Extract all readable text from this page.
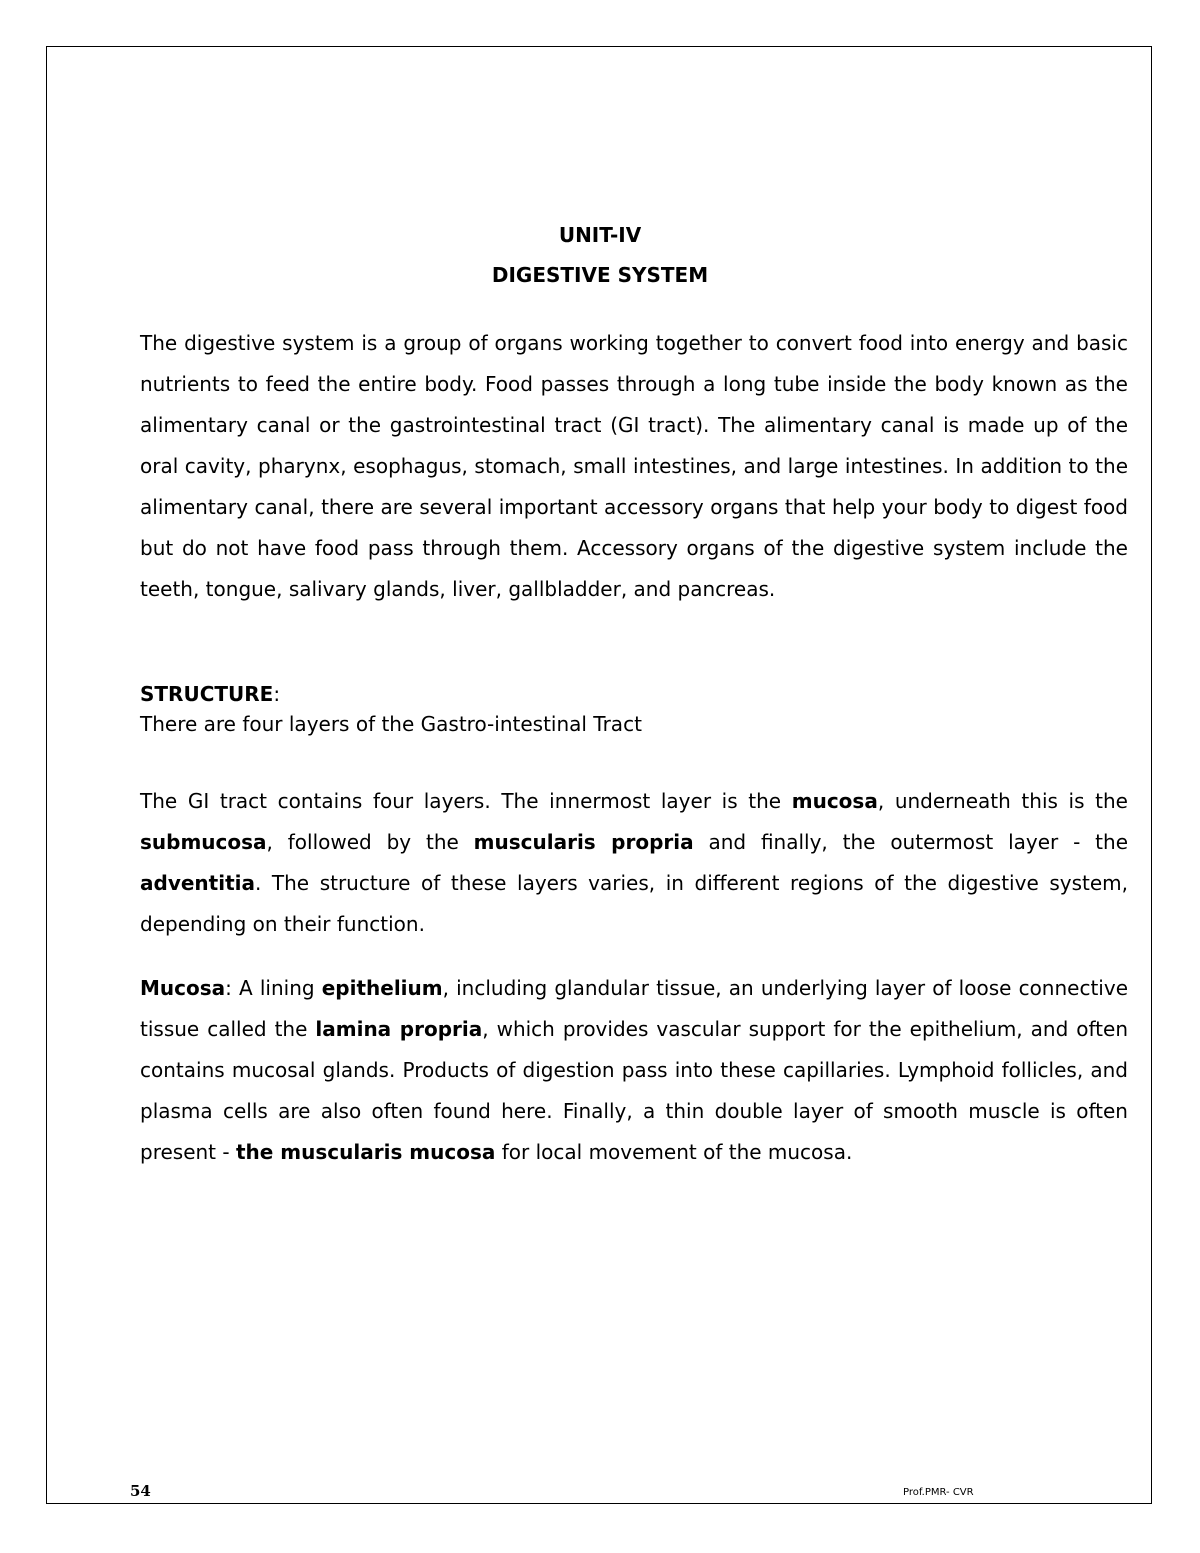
UNIT-IV
DIGESTIVE SYSTEM
The digestive system is a group of organs working together to convert food into energy and basic nutrients to feed the entire body. Food passes through a long tube inside the body known as the alimentary canal or the gastrointestinal tract (GI tract). The alimentary canal is made up of the oral cavity, pharynx, esophagus, stomach, small intestines, and large intestines. In addition to the alimentary canal, there are several important accessory organs that help your body to digest food but do not have food pass through them. Accessory organs of the digestive system include the teeth, tongue, salivary glands, liver, gallbladder, and pancreas.
STRUCTURE:
There are four layers of the Gastro-intestinal Tract
The GI tract contains four layers. The innermost layer is the mucosa, underneath this is the submucosa, followed by the muscularis propria and finally, the outermost layer - the adventitia. The structure of these layers varies, in different regions of the digestive system, depending on their function.
Mucosa: A lining epithelium, including glandular tissue, an underlying layer of loose connective tissue called the lamina propria, which provides vascular support for the epithelium, and often contains mucosal glands. Products of digestion pass into these capillaries. Lymphoid follicles, and plasma cells are also often found here. Finally, a thin double layer of smooth muscle is often present - the muscularis mucosa for local movement of the mucosa.
54	Prof.PMR- CVR
